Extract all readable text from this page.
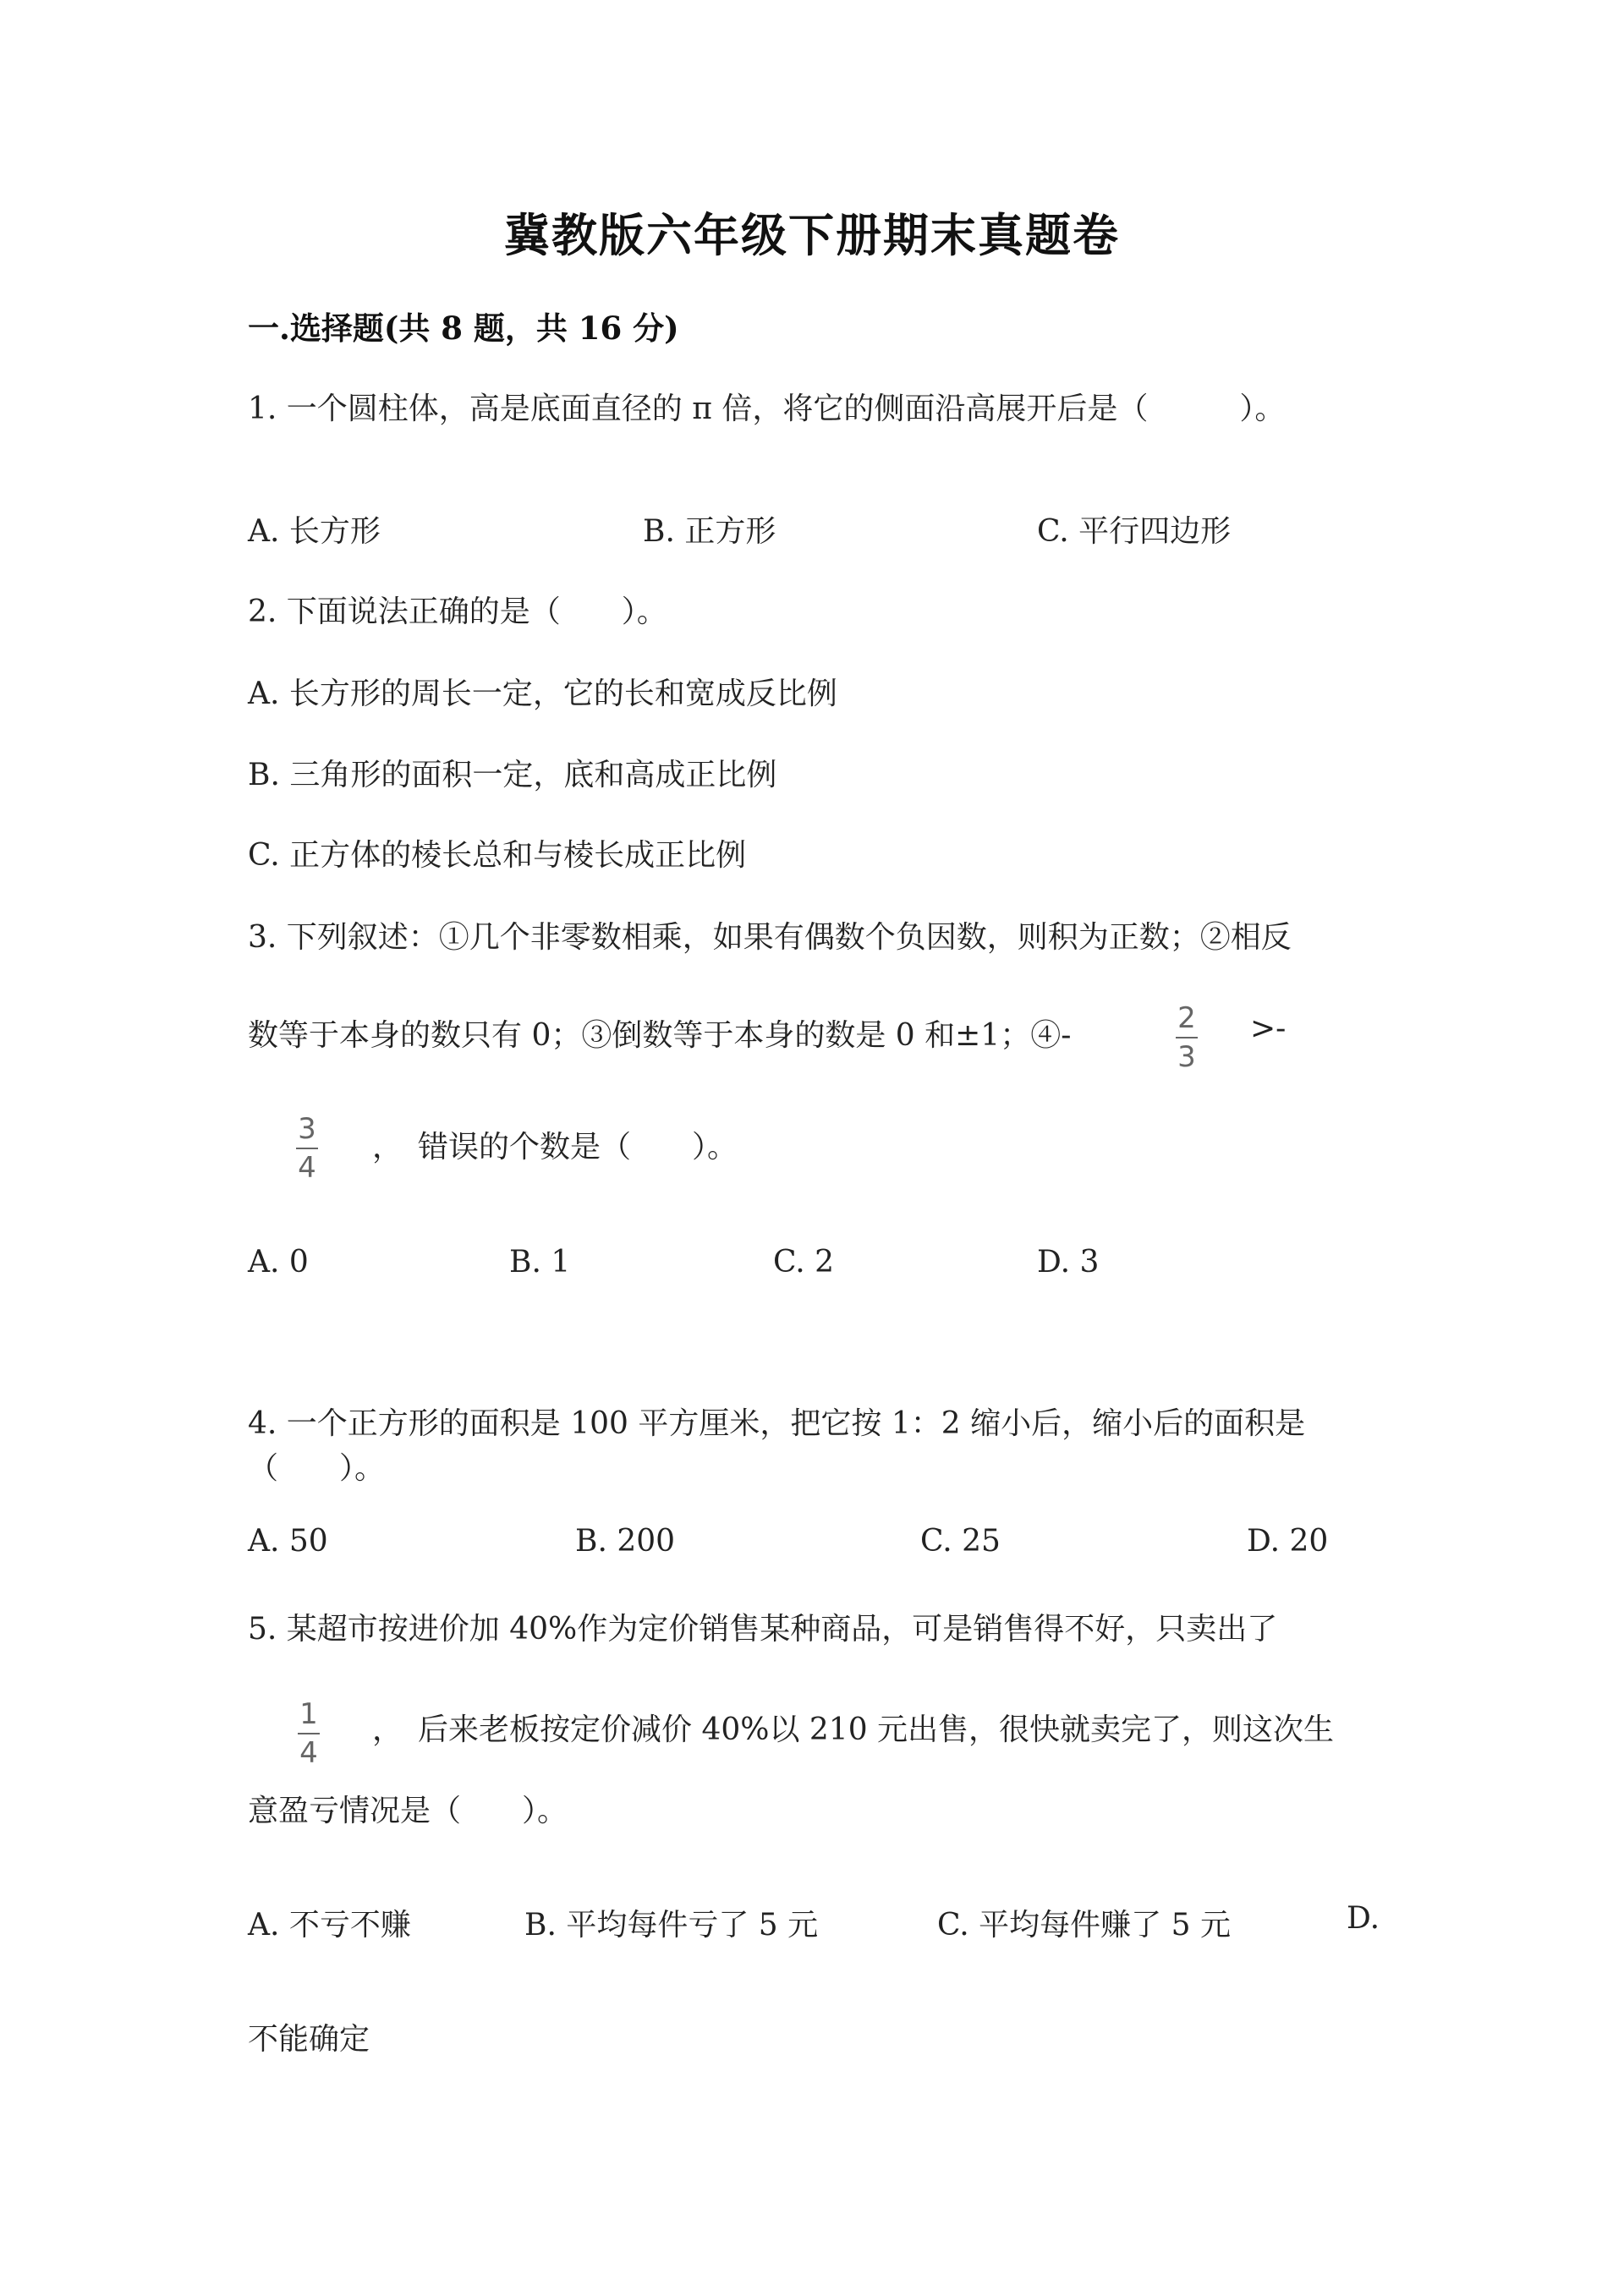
冀教版六年级下册期末真题卷
一.选择题(共 8 题，共 16 分)
1. 一个圆柱体，高是底面直径的 π 倍，将它的侧面沿高展开后是（　　　）。
A. 长方形	B. 正方形	C. 平行四边形
2. 下面说法正确的是（　　）。
A. 长方形的周长一定，它的长和宽成反比例
B. 三角形的面积一定，底和高成正比例
C. 正方体的棱长总和与棱长成正比例
3. 下列叙述：①几个非零数相乘，如果有偶数个负因数，则积为正数；②相反
数等于本身的数只有 0；③倒数等于本身的数是 0 和±1；④-	2
3
>-
3
4
，　错误的个数是（　　）。
A. 0	B. 1	C. 2	D. 3
4. 一个正方形的面积是 100 平方厘米，把它按 1：2 缩小后，缩小后的面积是
（　　）。
A. 50	B. 200	C. 25	D. 20
5. 某超市按进价加 40%作为定价销售某种商品，可是销售得不好，只卖出了
1
4
，　后来老板按定价减价 40%以 210 元出售，很快就卖完了，则这次生
意盈亏情况是（　　）。
A. 不亏不赚	B. 平均每件亏了 5 元	C. 平均每件赚了 5 元	D.
不能确定
